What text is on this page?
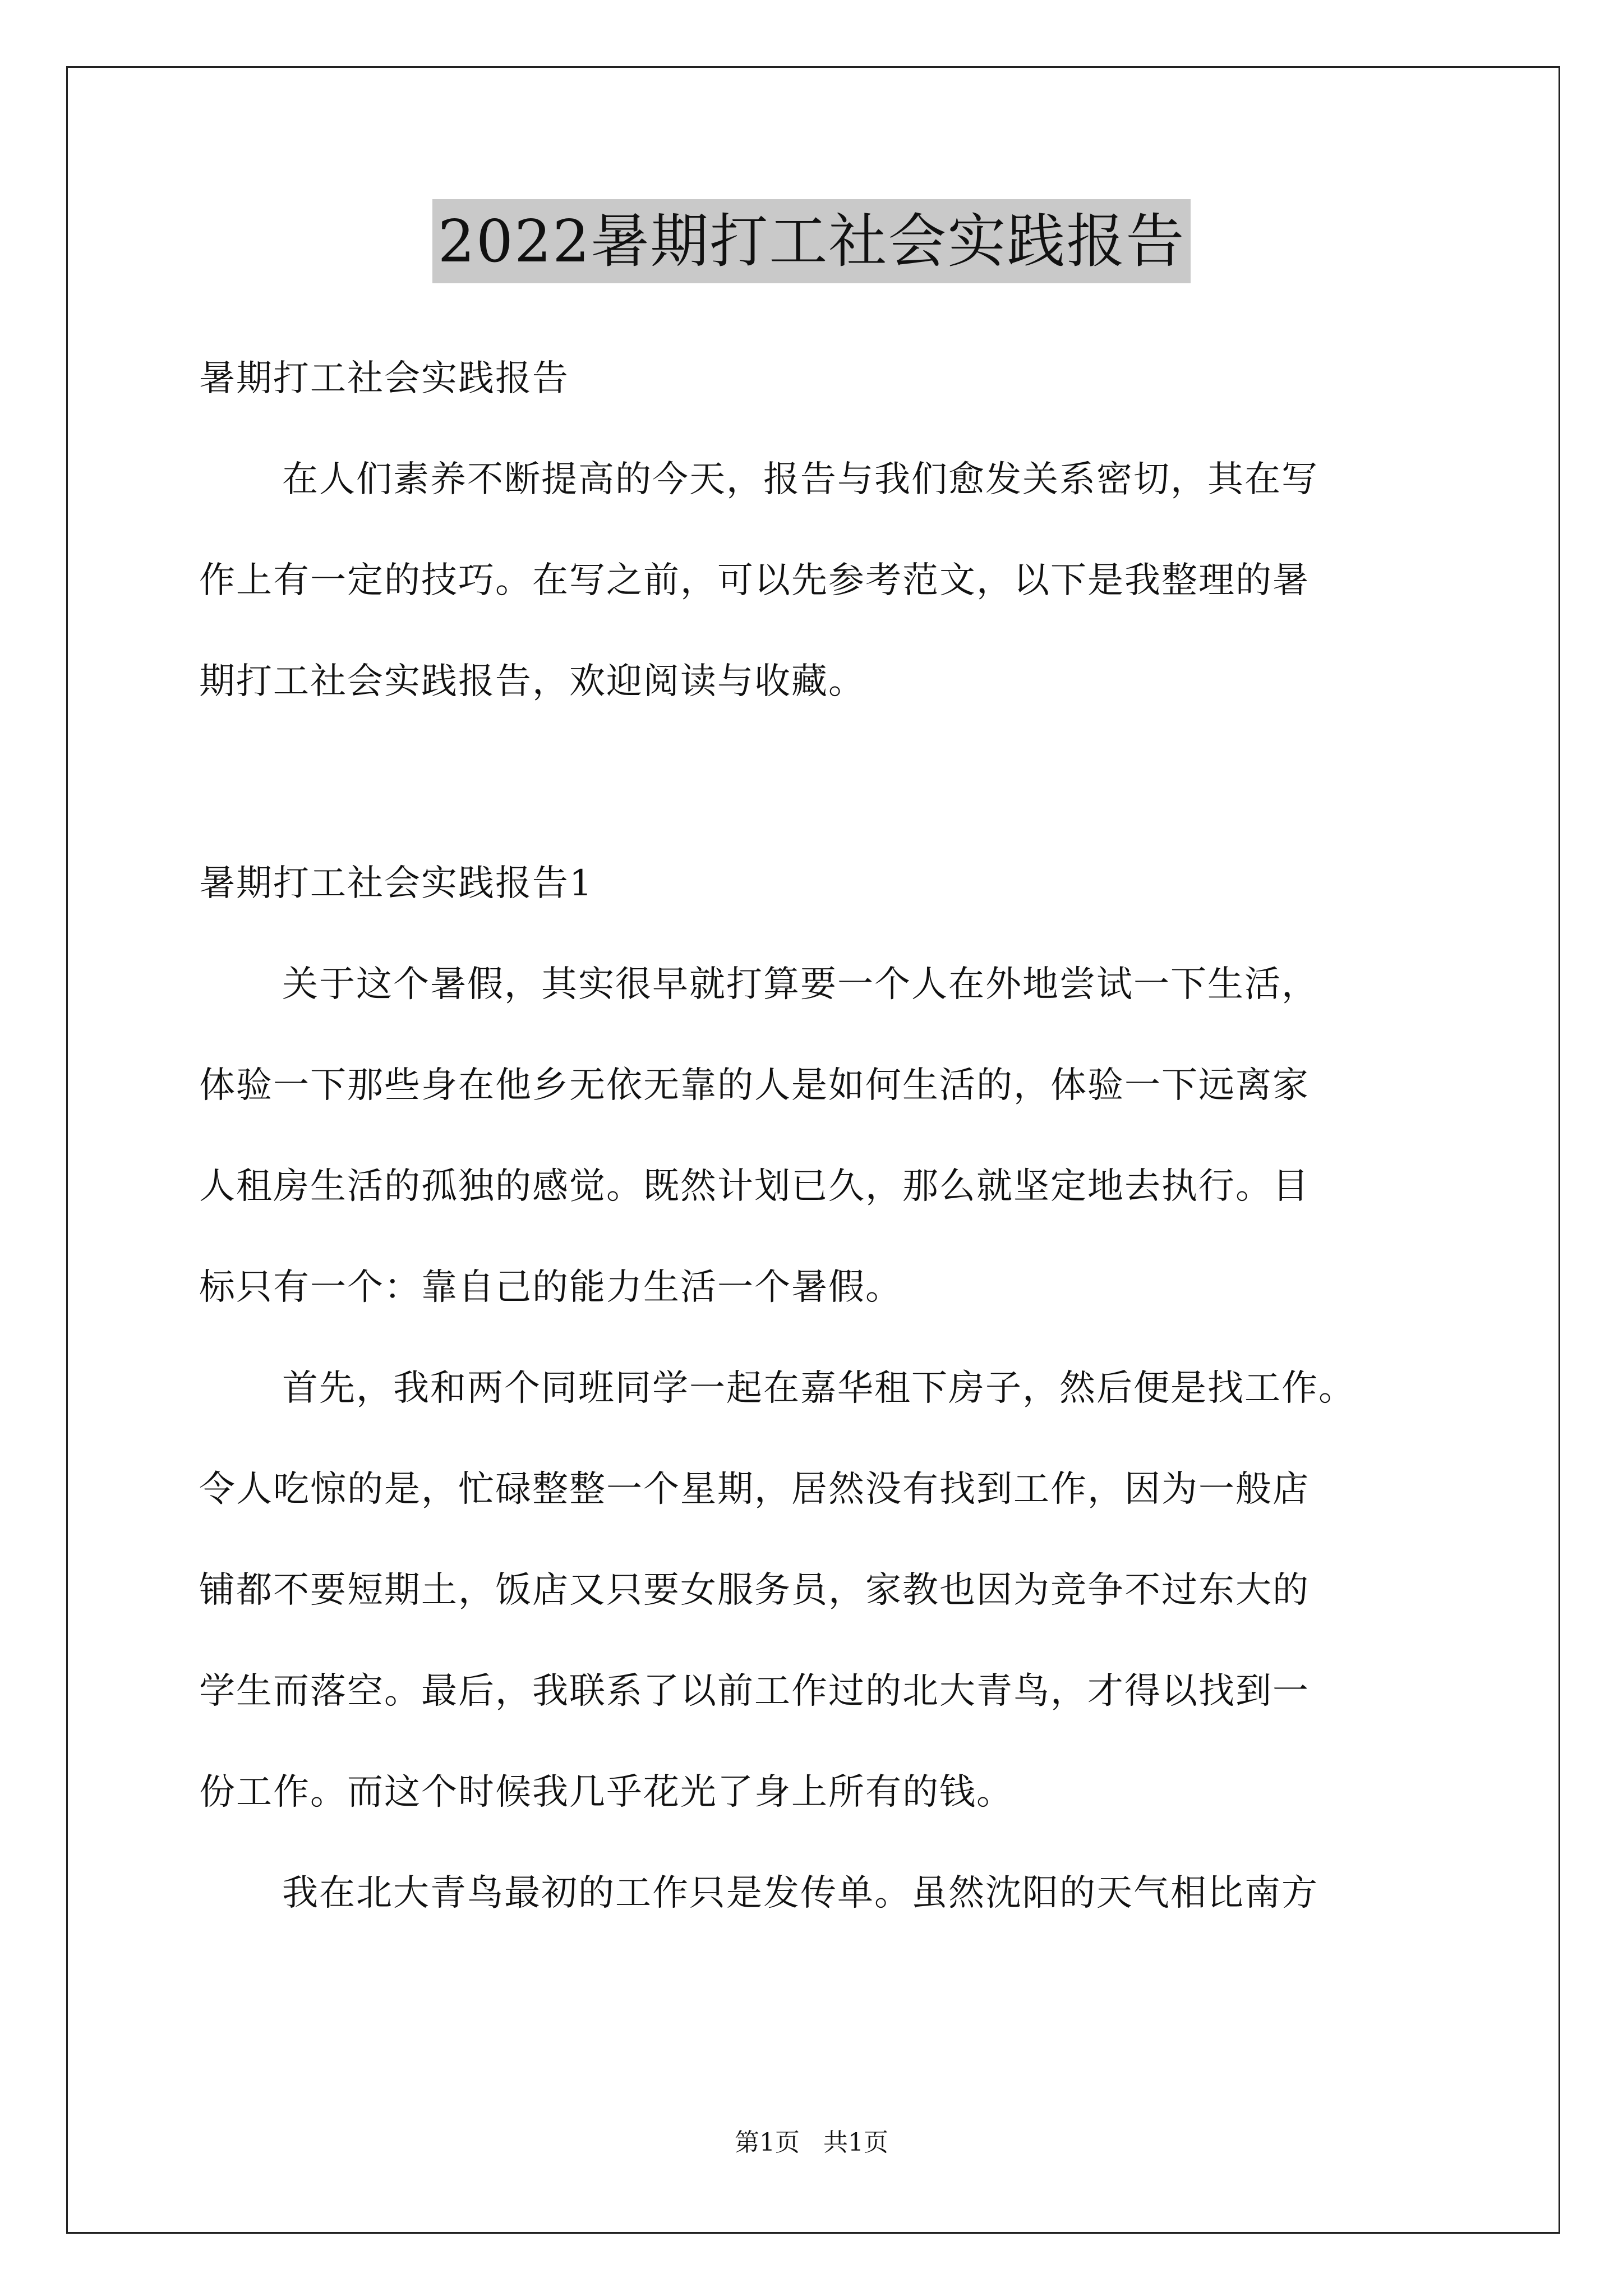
2022暑期打工社会实践报告
暑期打工社会实践报告
在人们素养不断提高的今天，报告与我们愈发关系密切，其在写
作上有一定的技巧。在写之前，可以先参考范文，以下是我整理的暑
期打工社会实践报告，欢迎阅读与收藏。
暑期打工社会实践报告1
关于这个暑假，其实很早就打算要一个人在外地尝试一下生活，
体验一下那些身在他乡无依无靠的人是如何生活的，体验一下远离家
人租房生活的孤独的感觉。既然计划已久，那么就坚定地去执行。目
标只有一个：靠自己的能力生活一个暑假。
首先，我和两个同班同学一起在嘉华租下房子，然后便是找工作。
令人吃惊的是，忙碌整整一个星期，居然没有找到工作，因为一般店
铺都不要短期土，饭店又只要女服务员，家教也因为竞争不过东大的
学生而落空。最后，我联系了以前工作过的北大青鸟，才得以找到一
份工作。而这个时候我几乎花光了身上所有的钱。
我在北大青鸟最初的工作只是发传单。虽然沈阳的天气相比南方
第1页   共1页
